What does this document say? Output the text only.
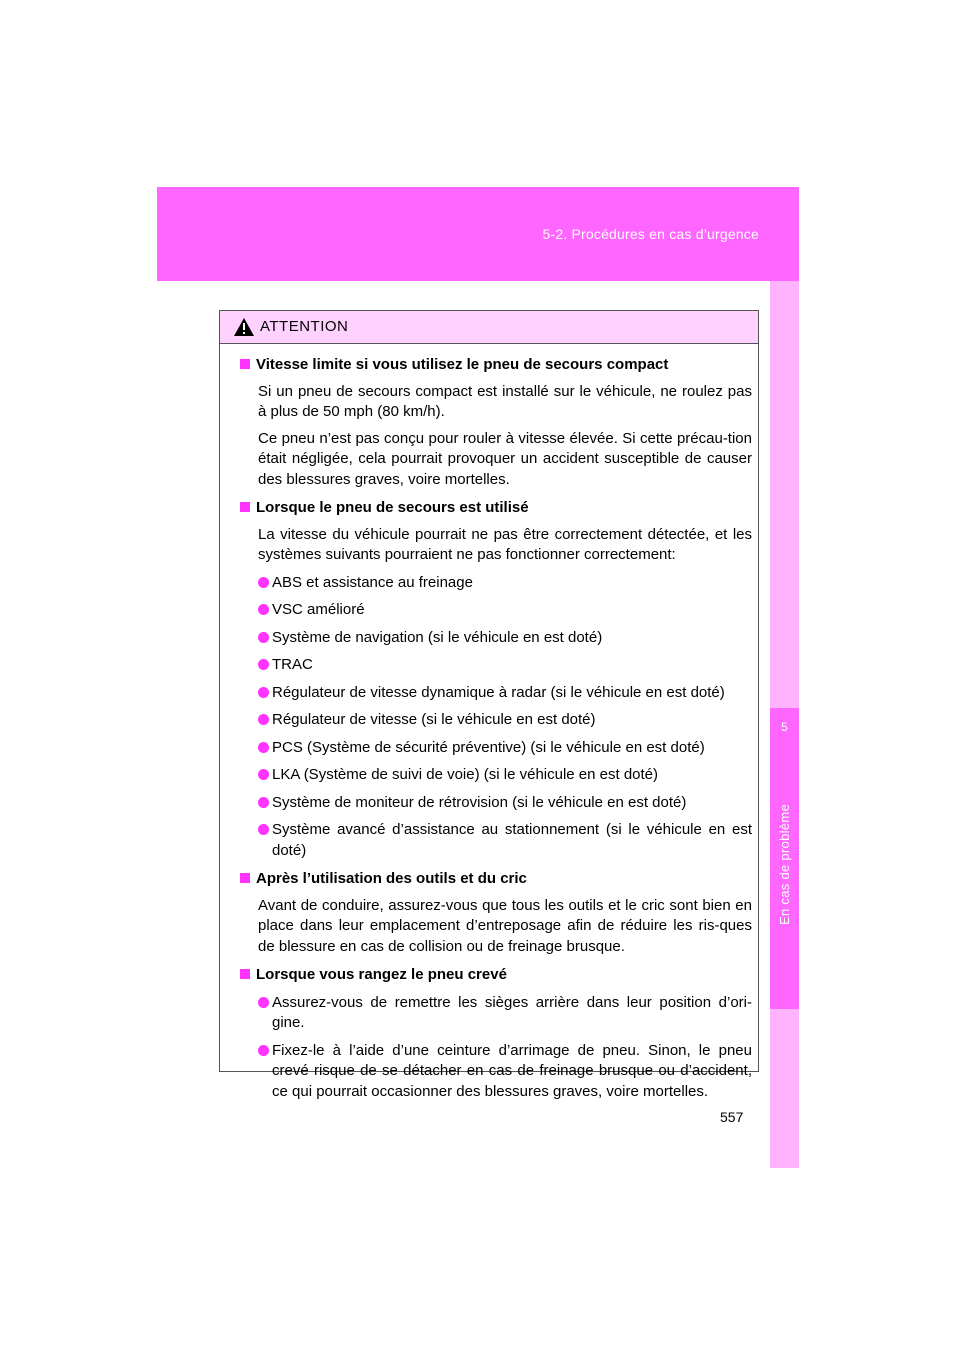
5-2. Procédures en cas d’urgence
5
En cas de problème
ATTENTION
Vitesse limite si vous utilisez le pneu de secours compact
Si un pneu de secours compact est installé sur le véhicule, ne roulez pas à plus de 50 mph (80 km/h).
Ce pneu n’est pas conçu pour rouler à vitesse élevée. Si cette précau-tion était négligée, cela pourrait provoquer un accident susceptible de causer des blessures graves, voire mortelles.
Lorsque le pneu de secours est utilisé
La vitesse du véhicule pourrait ne pas être correctement détectée, et les systèmes suivants pourraient ne pas fonctionner correctement:
ABS et assistance au freinage
VSC amélioré
Système de navigation (si le véhicule en est doté)
TRAC
Régulateur de vitesse dynamique à radar (si le véhicule en est doté)
Régulateur de vitesse (si le véhicule en est doté)
PCS (Système de sécurité préventive) (si le véhicule en est doté)
LKA (Système de suivi de voie) (si le véhicule en est doté)
Système de moniteur de rétrovision (si le véhicule en est doté)
Système avancé d’assistance au stationnement (si le véhicule en est doté)
Après l’utilisation des outils et du cric
Avant de conduire, assurez-vous que tous les outils et le cric sont bien en place dans leur emplacement d’entreposage afin de réduire les ris-ques de blessure en cas de collision ou de freinage brusque.
Lorsque vous rangez le pneu crevé
Assurez-vous de remettre les sièges arrière dans leur position d’ori-gine.
Fixez-le à l’aide d’une ceinture d’arrimage de pneu. Sinon, le pneu crevé risque de se détacher en cas de freinage brusque ou d’accident, ce qui pourrait occasionner des blessures graves, voire mortelles.
557
